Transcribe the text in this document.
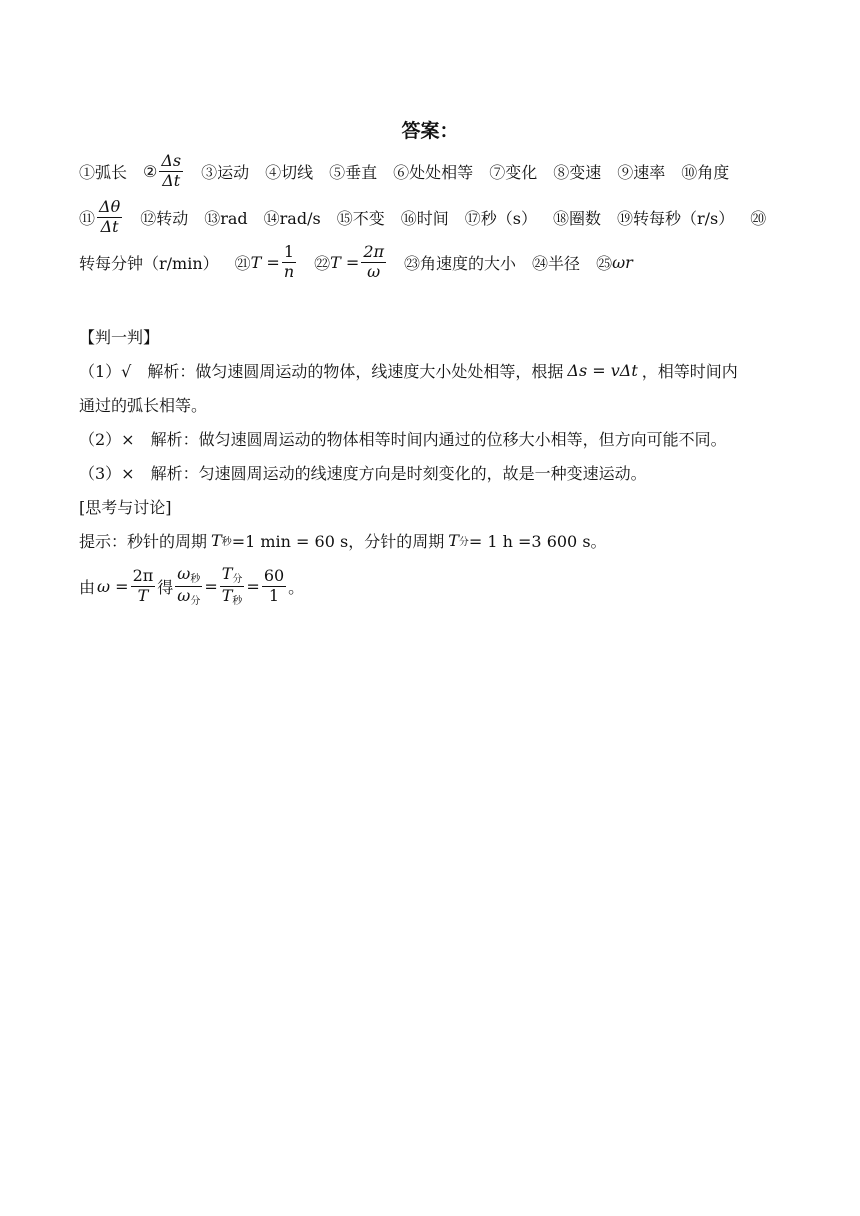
答案：
①弧长 ② $\frac{\Delta s}{\Delta t}$ ③运动 ④切线 ⑤垂直 ⑥处处相等 ⑦变化 ⑧变速 ⑨速率 ⑩角度
⑪ $\frac{\Delta\theta}{\Delta t}$ ⑫转动 ⑬rad ⑭rad/s ⑮不变 ⑯时间 ⑰秒（s） ⑱圈数 ⑲转每秒（r/s） ⑳
转每分钟（r/min） ㉑ $T = \frac{1}{n}$ ㉒ $T = \frac{2\pi}{\omega}$ ㉓角速度的大小 ㉔半径 ㉕ ωr
【判一判】
（1）√　解析：做匀速圆周运动的物体，线速度大小处处相等，根据 Δs = vΔt ，相等时间内
通过的弧长相等。
（2）×　解析：做匀速圆周运动的物体相等时间内通过的位移大小相等，但方向可能不同。
（3）×　解析：匀速圆周运动的线速度方向是时刻变化的，故是一种变速运动。
[思考与讨论]
提示：秒针的周期 T 秒 =1 min = 60 s，分针的周期 T 分 = 1 h =3 600 s。
由 $\omega = \frac{2\pi}{T}$ 得 $\frac{\omega_秒}{\omega_分} = \frac{T_分}{T_秒} = \frac{60}{1}$ 。
